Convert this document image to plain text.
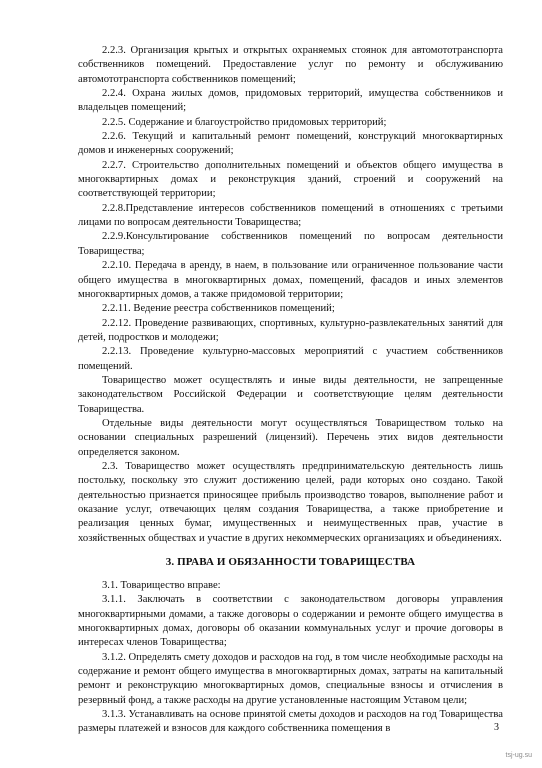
2.2.3. Организация крытых и открытых охраняемых стоянок для автомототранспорта собственников помещений. Предоставление услуг по ремонту и обслуживанию автомототранспорта собственников помещений;

2.2.4. Охрана жилых домов, придомовых территорий, имущества собственников и владельцев помещений;

2.2.5. Содержание и благоустройство придомовых территорий;

2.2.6. Текущий и капитальный ремонт помещений, конструкций многоквартирных домов и инженерных сооружений;

2.2.7. Строительство дополнительных помещений и объектов общего имущества в многоквартирных домах и реконструкция зданий, строений и сооружений на соответствующей территории;

2.2.8.Представление интересов собственников помещений в отношениях с третьими лицами по вопросам деятельности Товарищества;

2.2.9.Консультирование собственников помещений по вопросам деятельности Товарищества;

2.2.10. Передача в аренду, в наем, в пользование или ограниченное пользование части общего имущества в многоквартирных домах, помещений, фасадов и иных элементов многоквартирных домов, а также придомовой территории;

2.2.11. Ведение реестра собственников помещений;

2.2.12. Проведение развивающих, спортивных, культурно-развлекательных занятий для детей, подростков и молодежи;

2.2.13. Проведение культурно-массовых мероприятий с участием собственников помещений.

Товарищество может осуществлять и иные виды деятельности, не запрещенные законодательством Российской Федерации и соответствующие целям деятельности Товарищества.

Отдельные виды деятельности могут осуществляться Товариществом только на основании специальных разрешений (лицензий). Перечень этих видов деятельности определяется законом.

2.3. Товарищество может осуществлять предпринимательскую деятельность лишь постольку, поскольку это служит достижению целей, ради которых оно создано. Такой деятельностью признается приносящее прибыль производство товаров, выполнение работ и оказание услуг, отвечающих целям создания Товарищества, а также приобретение и реализация ценных бумаг, имущественных и неимущественных прав, участие в хозяйственных обществах и участие в других некоммерческих организациях и объединениях.

3. ПРАВА И ОБЯЗАННОСТИ ТОВАРИЩЕСТВА

3.1. Товарищество вправе:

3.1.1. Заключать в соответствии с законодательством договоры управления многоквартирными домами, а также договоры о содержании и ремонте общего имущества в многоквартирных домах, договоры об оказании коммунальных услуг и прочие договоры в интересах членов Товарищества;

3.1.2. Определять смету доходов и расходов на год, в том числе необходимые расходы на содержание и ремонт общего имущества в многоквартирных домах, затраты на капитальный ремонт и реконструкцию многоквартирных домов, специальные взносы и отчисления в резервный фонд, а также расходы на другие установленные настоящим Уставом цели;

3.1.3. Устанавливать на основе принятой сметы доходов и расходов на год Товарищества размеры платежей и взносов для каждого собственника помещения в	3
tsj-ug.su
